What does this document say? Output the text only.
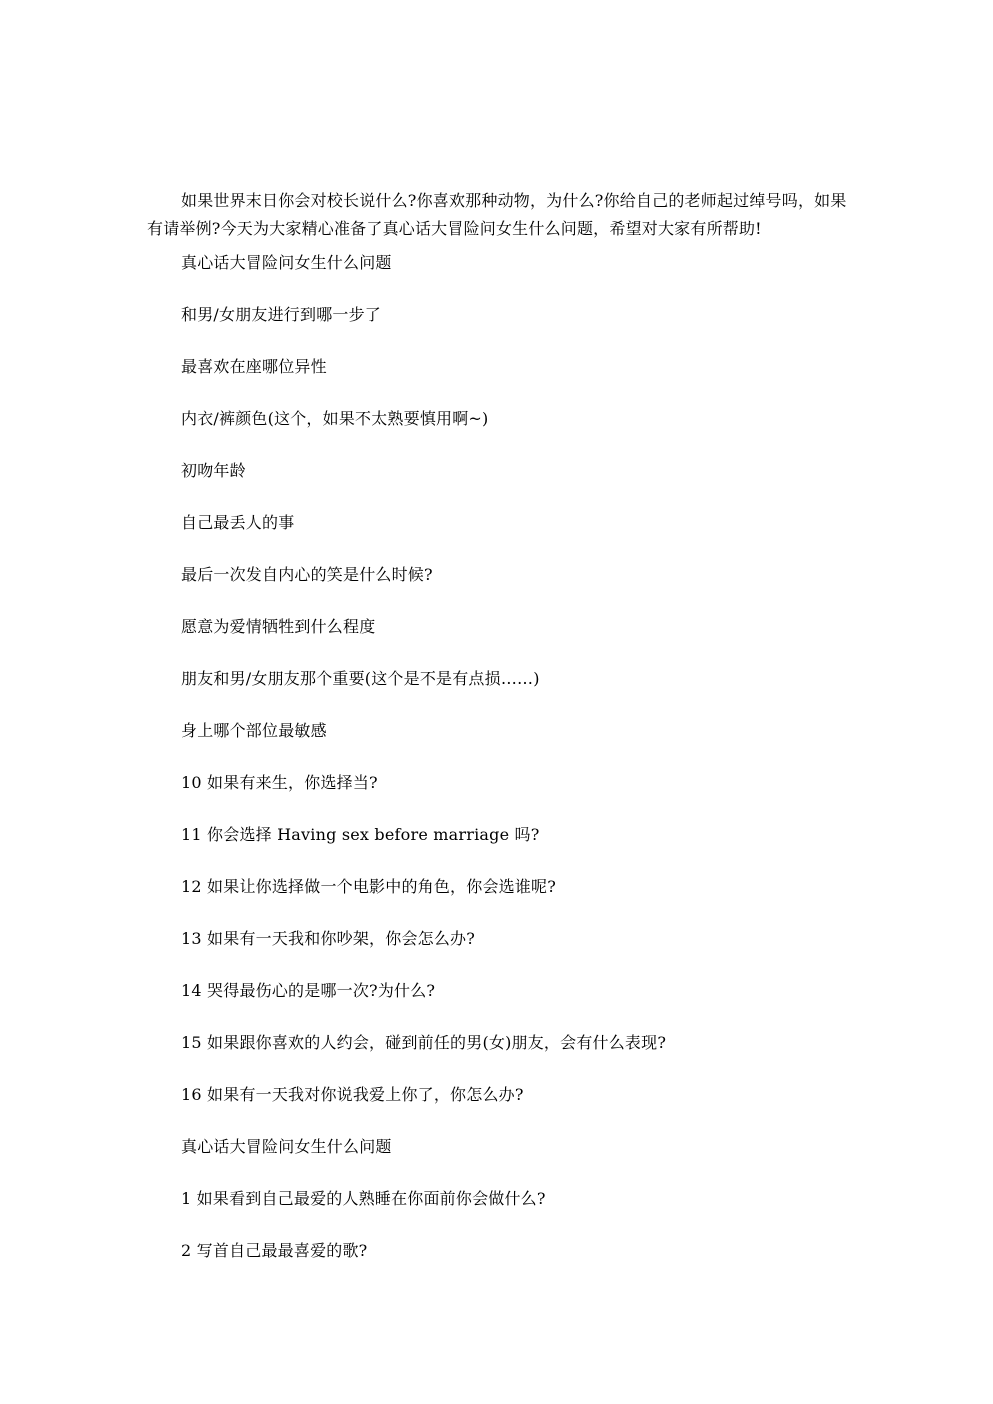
如果世界末日你会对校长说什么?你喜欢那种动物，为什么?你给自己的老师起过绰号吗，如果有请举例?今天为大家精心准备了真心话大冒险问女生什么问题，希望对大家有所帮助!

真心话大冒险问女生什么问题
和男/女朋友进行到哪一步了
最喜欢在座哪位异性
内衣/裤颜色(这个，如果不太熟要慎用啊~)
初吻年龄
自己最丢人的事
最后一次发自内心的笑是什么时候?
愿意为爱情牺牲到什么程度
朋友和男/女朋友那个重要(这个是不是有点损……)
身上哪个部位最敏感
10 如果有来生，你选择当?
11 你会选择 Having sex before marriage 吗?
12 如果让你选择做一个电影中的角色，你会选谁呢?
13 如果有一天我和你吵架，你会怎么办?
14 哭得最伤心的是哪一次?为什么?
15 如果跟你喜欢的人约会，碰到前任的男(女)朋友，会有什么表现?
16 如果有一天我对你说我爱上你了，你怎么办?
真心话大冒险问女生什么问题
1 如果看到自己最爱的人熟睡在你面前你会做什么?
2 写首自己最最喜爱的歌?
